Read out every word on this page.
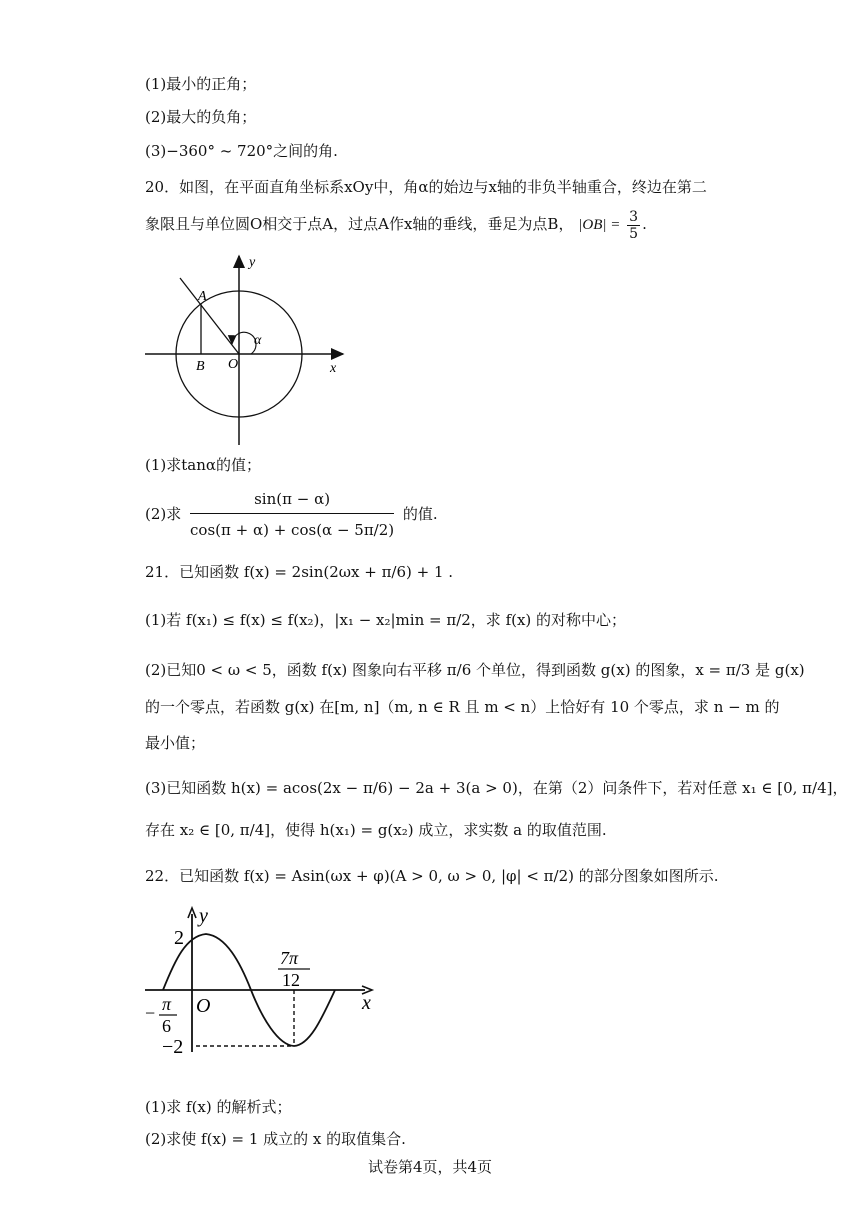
(1)最小的正角；
(2)最大的负角；
(3)−360° ~ 720°之间的角.
20．如图，在平面直角坐标系xOy中，角α的始边与x轴的非负半轴重合，终边在第二
象限且与单位圆O相交于点A，过点A作x轴的垂线，垂足为点B， $|OB| = \frac{3}{5}$ .
A
B O	x
y
α
(1)求tanα的值；
(2)求 $\frac{\sin(\pi - \alpha)}{\cos(\pi + \alpha) + \cos(\alpha - 5\pi/2)}$ 的值.
21．已知函数 f(x) = 2sin(2ωx + π/6) + 1 .
(1)若 f(x₁) ≤ f(x) ≤ f(x₂)，|x₁ − x₂|min = π/2，求 f(x) 的对称中心；
(2)已知0 < ω < 5，函数 f(x) 图象向右平移 π/6 个单位，得到函数 g(x) 的图象，x = π/3 是 g(x)
的一个零点，若函数 g(x) 在[m, n]（m, n ∈ R 且 m < n）上恰好有 10 个零点，求 n − m 的
最小值；
(3)已知函数 h(x) = acos(2x − π/6) − 2a + 3(a > 0)，在第（2）问条件下，若对任意 x₁ ∈ [0, π/4]，
存在 x₂ ∈ [0, π/4]，使得 h(x₁) = g(x₂) 成立，求实数 a 的取值范围.
22．已知函数 f(x) = Asin(ωx + φ)(A > 0, ω > 0, |φ| < π/2) 的部分图象如图所示.
y
x
O
2
−2
7π
12
− π
6
(1)求 f(x) 的解析式；
(2)求使 f(x) = 1 成立的 x 的取值集合.
试卷第4页，共4页
